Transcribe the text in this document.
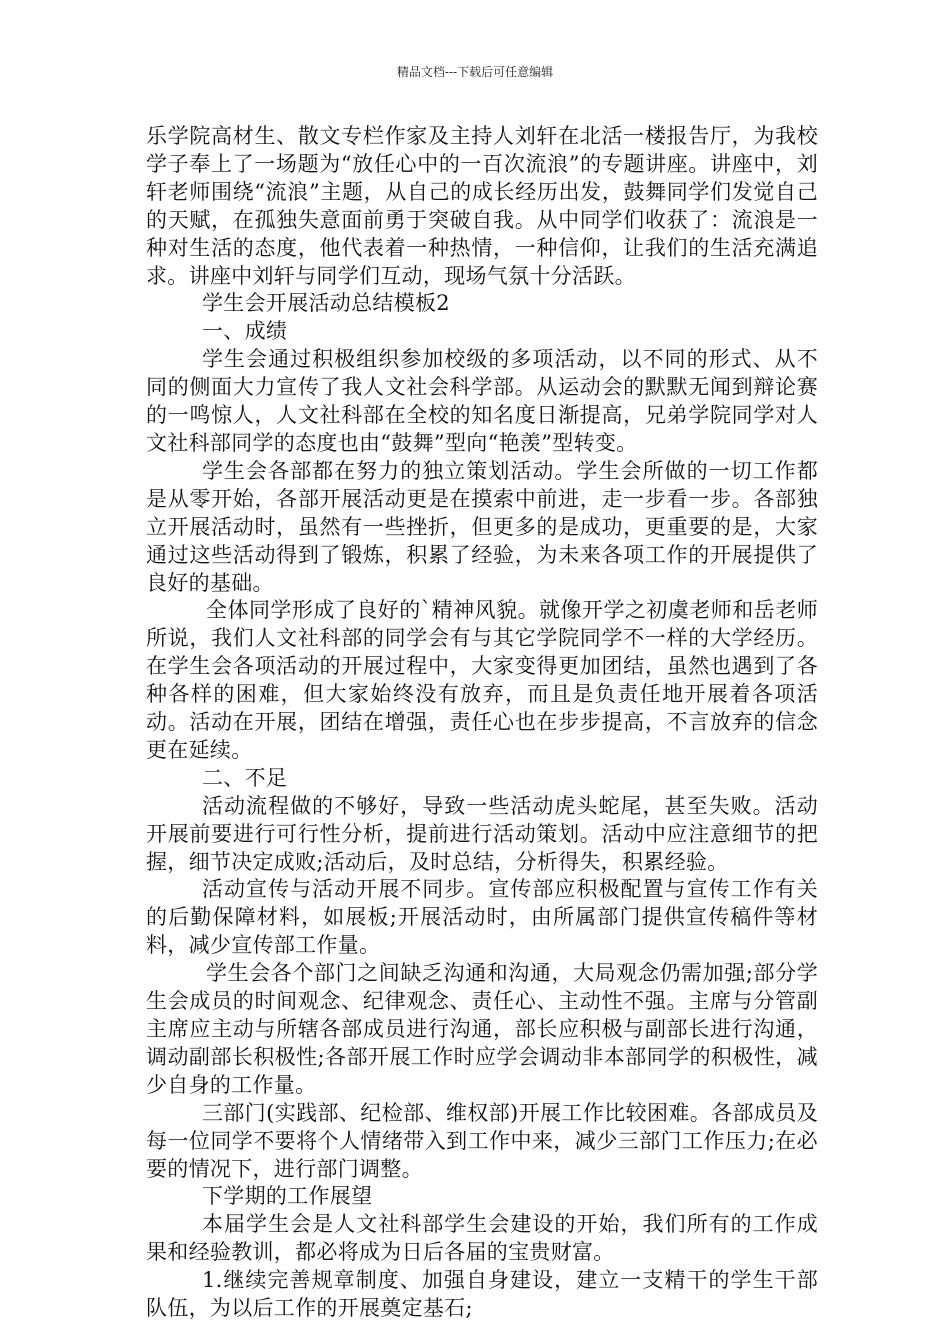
精品文档---下载后可任意编辑

乐学院高材生、散文专栏作家及主持人刘轩在北活一楼报告厅，为我校学子奉上了一场题为“放任心中的一百次流浪”的专题讲座。讲座中，刘轩老师围绕“流浪”主题，从自己的成长经历出发，鼓舞同学们发觉自己的天赋，在孤独失意面前勇于突破自我。从中同学们收获了：流浪是一种对生活的态度，他代表着一种热情，一种信仰，让我们的生活充满追求。讲座中刘轩与同学们互动，现场气氛十分活跃。

学生会开展活动总结模板2

一、成绩

学生会通过积极组织参加校级的多项活动，以不同的形式、从不同的侧面大力宣传了我人文社会科学部。从运动会的默默无闻到辩论赛的一鸣惊人，人文社科部在全校的知名度日渐提高，兄弟学院同学对人文社科部同学的态度也由“鼓舞”型向“艳羡”型转变。

学生会各部都在努力的独立策划活动。学生会所做的一切工作都是从零开始，各部开展活动更是在摸索中前进，走一步看一步。各部独立开展活动时，虽然有一些挫折，但更多的是成功，更重要的是，大家通过这些活动得到了锻炼，积累了经验，为未来各项工作的开展提供了良好的基础。

全体同学形成了良好的`精神风貌。就像开学之初虞老师和岳老师所说，我们人文社科部的同学会有与其它学院同学不一样的大学经历。在学生会各项活动的开展过程中，大家变得更加团结，虽然也遇到了各种各样的困难，但大家始终没有放弃，而且是负责任地开展着各项活动。活动在开展，团结在增强，责任心也在步步提高，不言放弃的信念更在延续。

二、不足

活动流程做的不够好，导致一些活动虎头蛇尾，甚至失败。活动开展前要进行可行性分析，提前进行活动策划。活动中应注意细节的把握，细节决定成败;活动后，及时总结，分析得失，积累经验。

活动宣传与活动开展不同步。宣传部应积极配置与宣传工作有关的后勤保障材料，如展板;开展活动时，由所属部门提供宣传稿件等材料，减少宣传部工作量。

学生会各个部门之间缺乏沟通和沟通，大局观念仍需加强;部分学生会成员的时间观念、纪律观念、责任心、主动性不强。主席与分管副主席应主动与所辖各部成员进行沟通，部长应积极与副部长进行沟通，调动副部长积极性;各部开展工作时应学会调动非本部同学的积极性，减少自身的工作量。

三部门(实践部、纪检部、维权部)开展工作比较困难。各部成员及每一位同学不要将个人情绪带入到工作中来，减少三部门工作压力;在必要的情况下，进行部门调整。

下学期的工作展望

本届学生会是人文社科部学生会建设的开始，我们所有的工作成果和经验教训，都必将成为日后各届的宝贵财富。

1.继续完善规章制度、加强自身建设，建立一支精干的学生干部队伍，为以后工作的开展奠定基石;
